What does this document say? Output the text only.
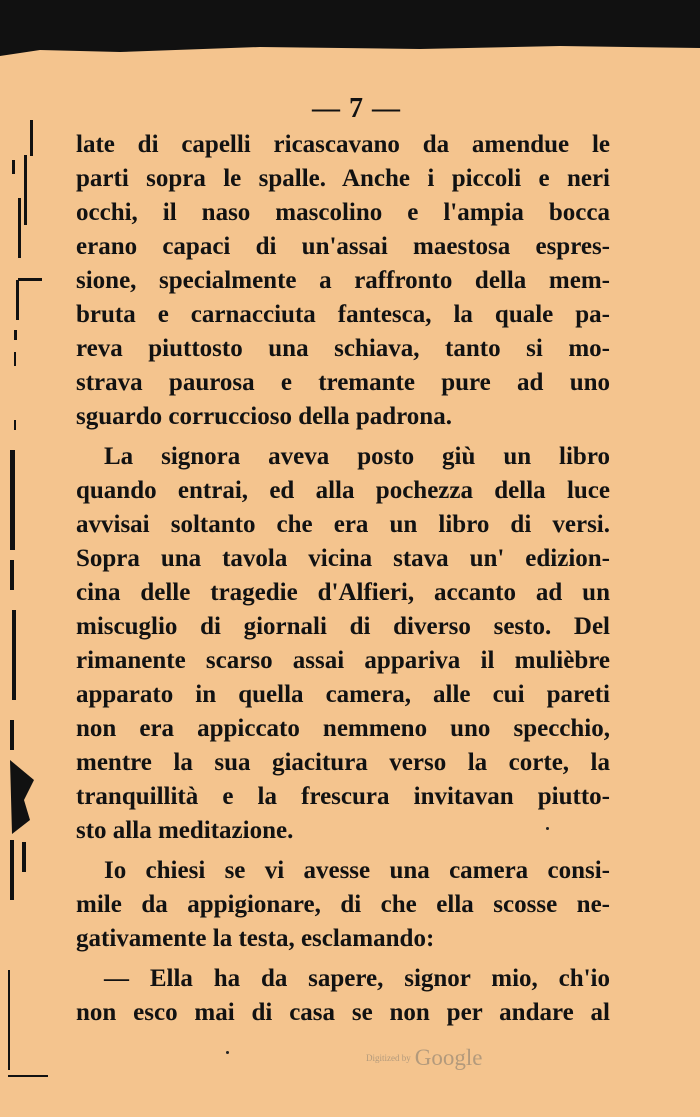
— 7 —
late di capelli ricascavano da amendue le
parti sopra le spalle. Anche i piccoli e neri
occhi, il naso mascolino e l'ampia bocca
erano capaci di un'assai maestosa espres-
sione, specialmente a raffronto della mem-
bruta e carnacciuta fantesca, la quale pa-
reva piuttosto una schiava, tanto si mo-
strava paurosa e tremante pure ad uno
sguardo corruccioso della padrona.
La signora aveva posto giù un libro
quando entrai, ed alla pochezza della luce
avvisai soltanto che era un libro di versi.
Sopra una tavola vicina stava un' edizion-
cina delle tragedie d'Alfieri, accanto ad un
miscuglio di giornali di diverso sesto. Del
rimanente scarso assai appariva il mulièbre
apparato in quella camera, alle cui pareti
non era appiccato nemmeno uno specchio,
mentre la sua giacitura verso la corte, la
tranquillità e la frescura invitavan piutto-
sto alla meditazione.
Io chiesi se vi avesse una camera consi-
mile da appigionare, di che ella scosse ne-
gativamente la testa, esclamando:
— Ella ha da sapere, signor mio, ch'io
non esco mai di casa se non per andare al
Digitized by Google
